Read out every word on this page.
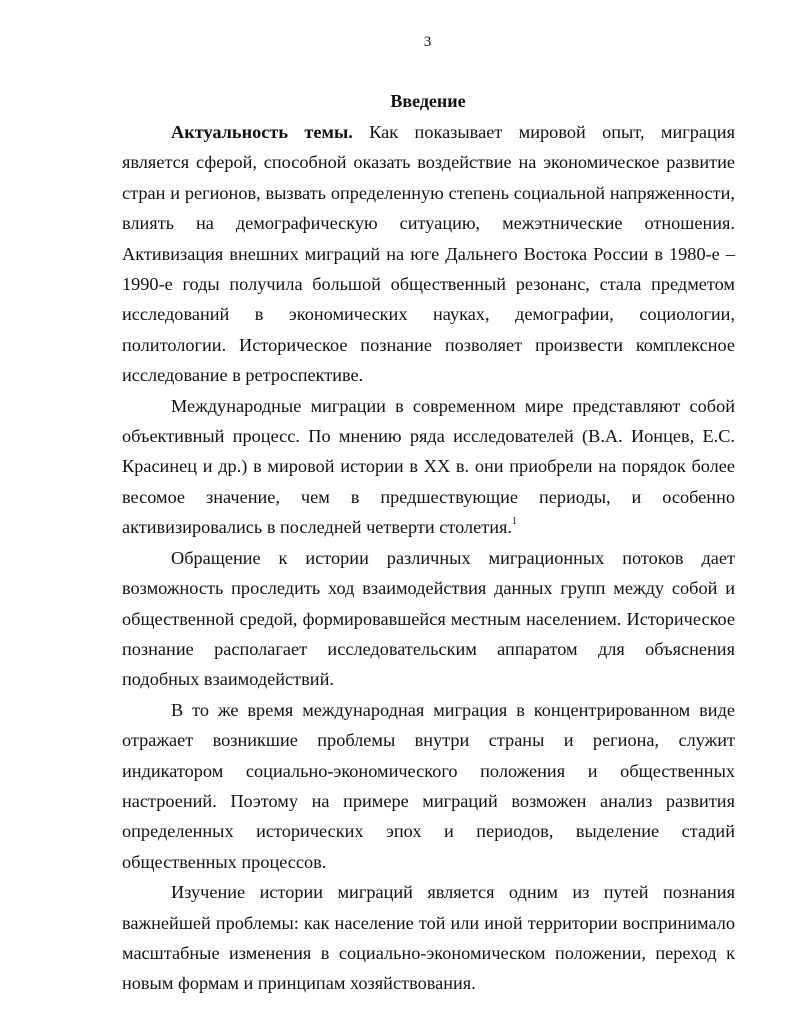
3
Введение

Актуальность темы. Как показывает мировой опыт, миграция является сферой, способной оказать воздействие на экономическое развитие стран и регионов, вызвать определенную степень социальной напряженности, влиять на демографическую ситуацию, межэтнические отношения. Активизация внешних миграций на юге Дальнего Востока России в 1980-е – 1990-е годы получила большой общественный резонанс, стала предметом исследований в экономических науках, демографии, социологии, политологии. Историческое познание позволяет произвести комплексное исследование в ретроспективе.

Международные миграции в современном мире представляют собой объективный процесс. По мнению ряда исследователей (В.А. Ионцев, Е.С. Красинец и др.) в мировой истории в XX в. они приобрели на порядок более весомое значение, чем в предшествующие периоды, и особенно активизировались в последней четверти столетия.$^1$

Обращение к истории различных миграционных потоков дает возможность проследить ход взаимодействия данных групп между собой и общественной средой, формировавшейся местным населением. Историческое познание располагает исследовательским аппаратом для объяснения подобных взаимодействий.

В то же время международная миграция в концентрированном виде отражает возникшие проблемы внутри страны и региона, служит индикатором социально-экономического положения и общественных настроений. Поэтому на примере миграций возможен анализ развития определенных исторических эпох и периодов, выделение стадий общественных процессов.

Изучение истории миграций является одним из путей познания важнейшей проблемы: как население той или иной территории воспринимало масштабные изменения в социально-экономическом положении, переход к новым формам и принципам хозяйствования.
